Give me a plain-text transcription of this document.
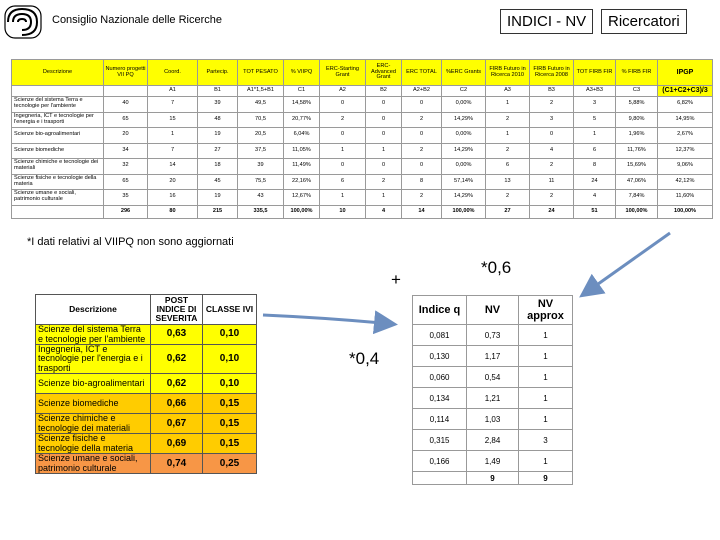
Consiglio Nazionale delle Ricerche	INDICI - NV	Ricercatori
Descrizione	Numero progetti VII PQ	Coord.	Partecip.	TOT PESATO	% VIIPQ	ERC-Starting Grant	ERC-Advanced Grant	ERC TOTAL	%ERC Grants	FIRB Futuro in Ricerca 2010	FIRB Futuro in Ricerca 2008	TOT FIRB FIR	% FIRB FIR	IPGP
		A1	B1	A1*1,5+B1	C1	A2	B2	A2+B2	C2	A3	B3	A3+B3	C3	(C1+C2+C3)/3
Scienze del sistema Terra e tecnologie per l'ambiente	40	7	39	49,5	14,58%	0	0	0	0,00%	1	2	3	5,88%	6,82%
Ingegneria, ICT e tecnologie per l'energia e i trasporti	65	15	48	70,5	20,77%	2	0	2	14,29%	2	3	5	9,80%	14,95%
Scienze bio-agroalimentari	20	1	19	20,5	6,04%	0	0	0	0,00%	1	0	1	1,96%	2,67%
Scienze biomediche	34	7	27	37,5	11,05%	1	1	2	14,29%	2	4	6	11,76%	12,37%
Scienze chimiche e tecnologie dei materiali	32	14	18	39	11,49%	0	0	0	0,00%	6	2	8	15,69%	9,06%
Scienze fisiche e tecnologie della materia	65	20	45	75,5	22,16%	6	2	8	57,14%	13	11	24	47,06%	42,12%
Scienze umane e sociali, patrimonio culturale	35	16	19	43	12,67%	1	1	2	14,29%	2	2	4	7,84%	11,60%
	296	80	215	335,5	100,00%	10	4	14	100,00%	27	24	51	100,00%	100,00%
*I dati relativi al VIIPQ non sono aggiornati
+
*0,6
*0,4
Descrizione	POST INDICE DI SEVERITA	CLASSE IVI
Scienze del sistema Terra e tecnologie per l'ambiente	0,63	0,10
Ingegneria, ICT e tecnologie per l'energia e i trasporti	0,62	0,10
Scienze bio-agroalimentari	0,62	0,10
Scienze biomediche	0,66	0,15
Scienze chimiche e tecnologie dei materiali	0,67	0,15
Scienze fisiche e tecnologie della materia	0,69	0,15
Scienze umane e sociali, patrimonio culturale	0,74	0,25
Indice q	NV	NV approx
0,081	0,73	1
0,130	1,17	1
0,060	0,54	1
0,134	1,21	1
0,114	1,03	1
0,315	2,84	3
0,166	1,49	1
	9	9
